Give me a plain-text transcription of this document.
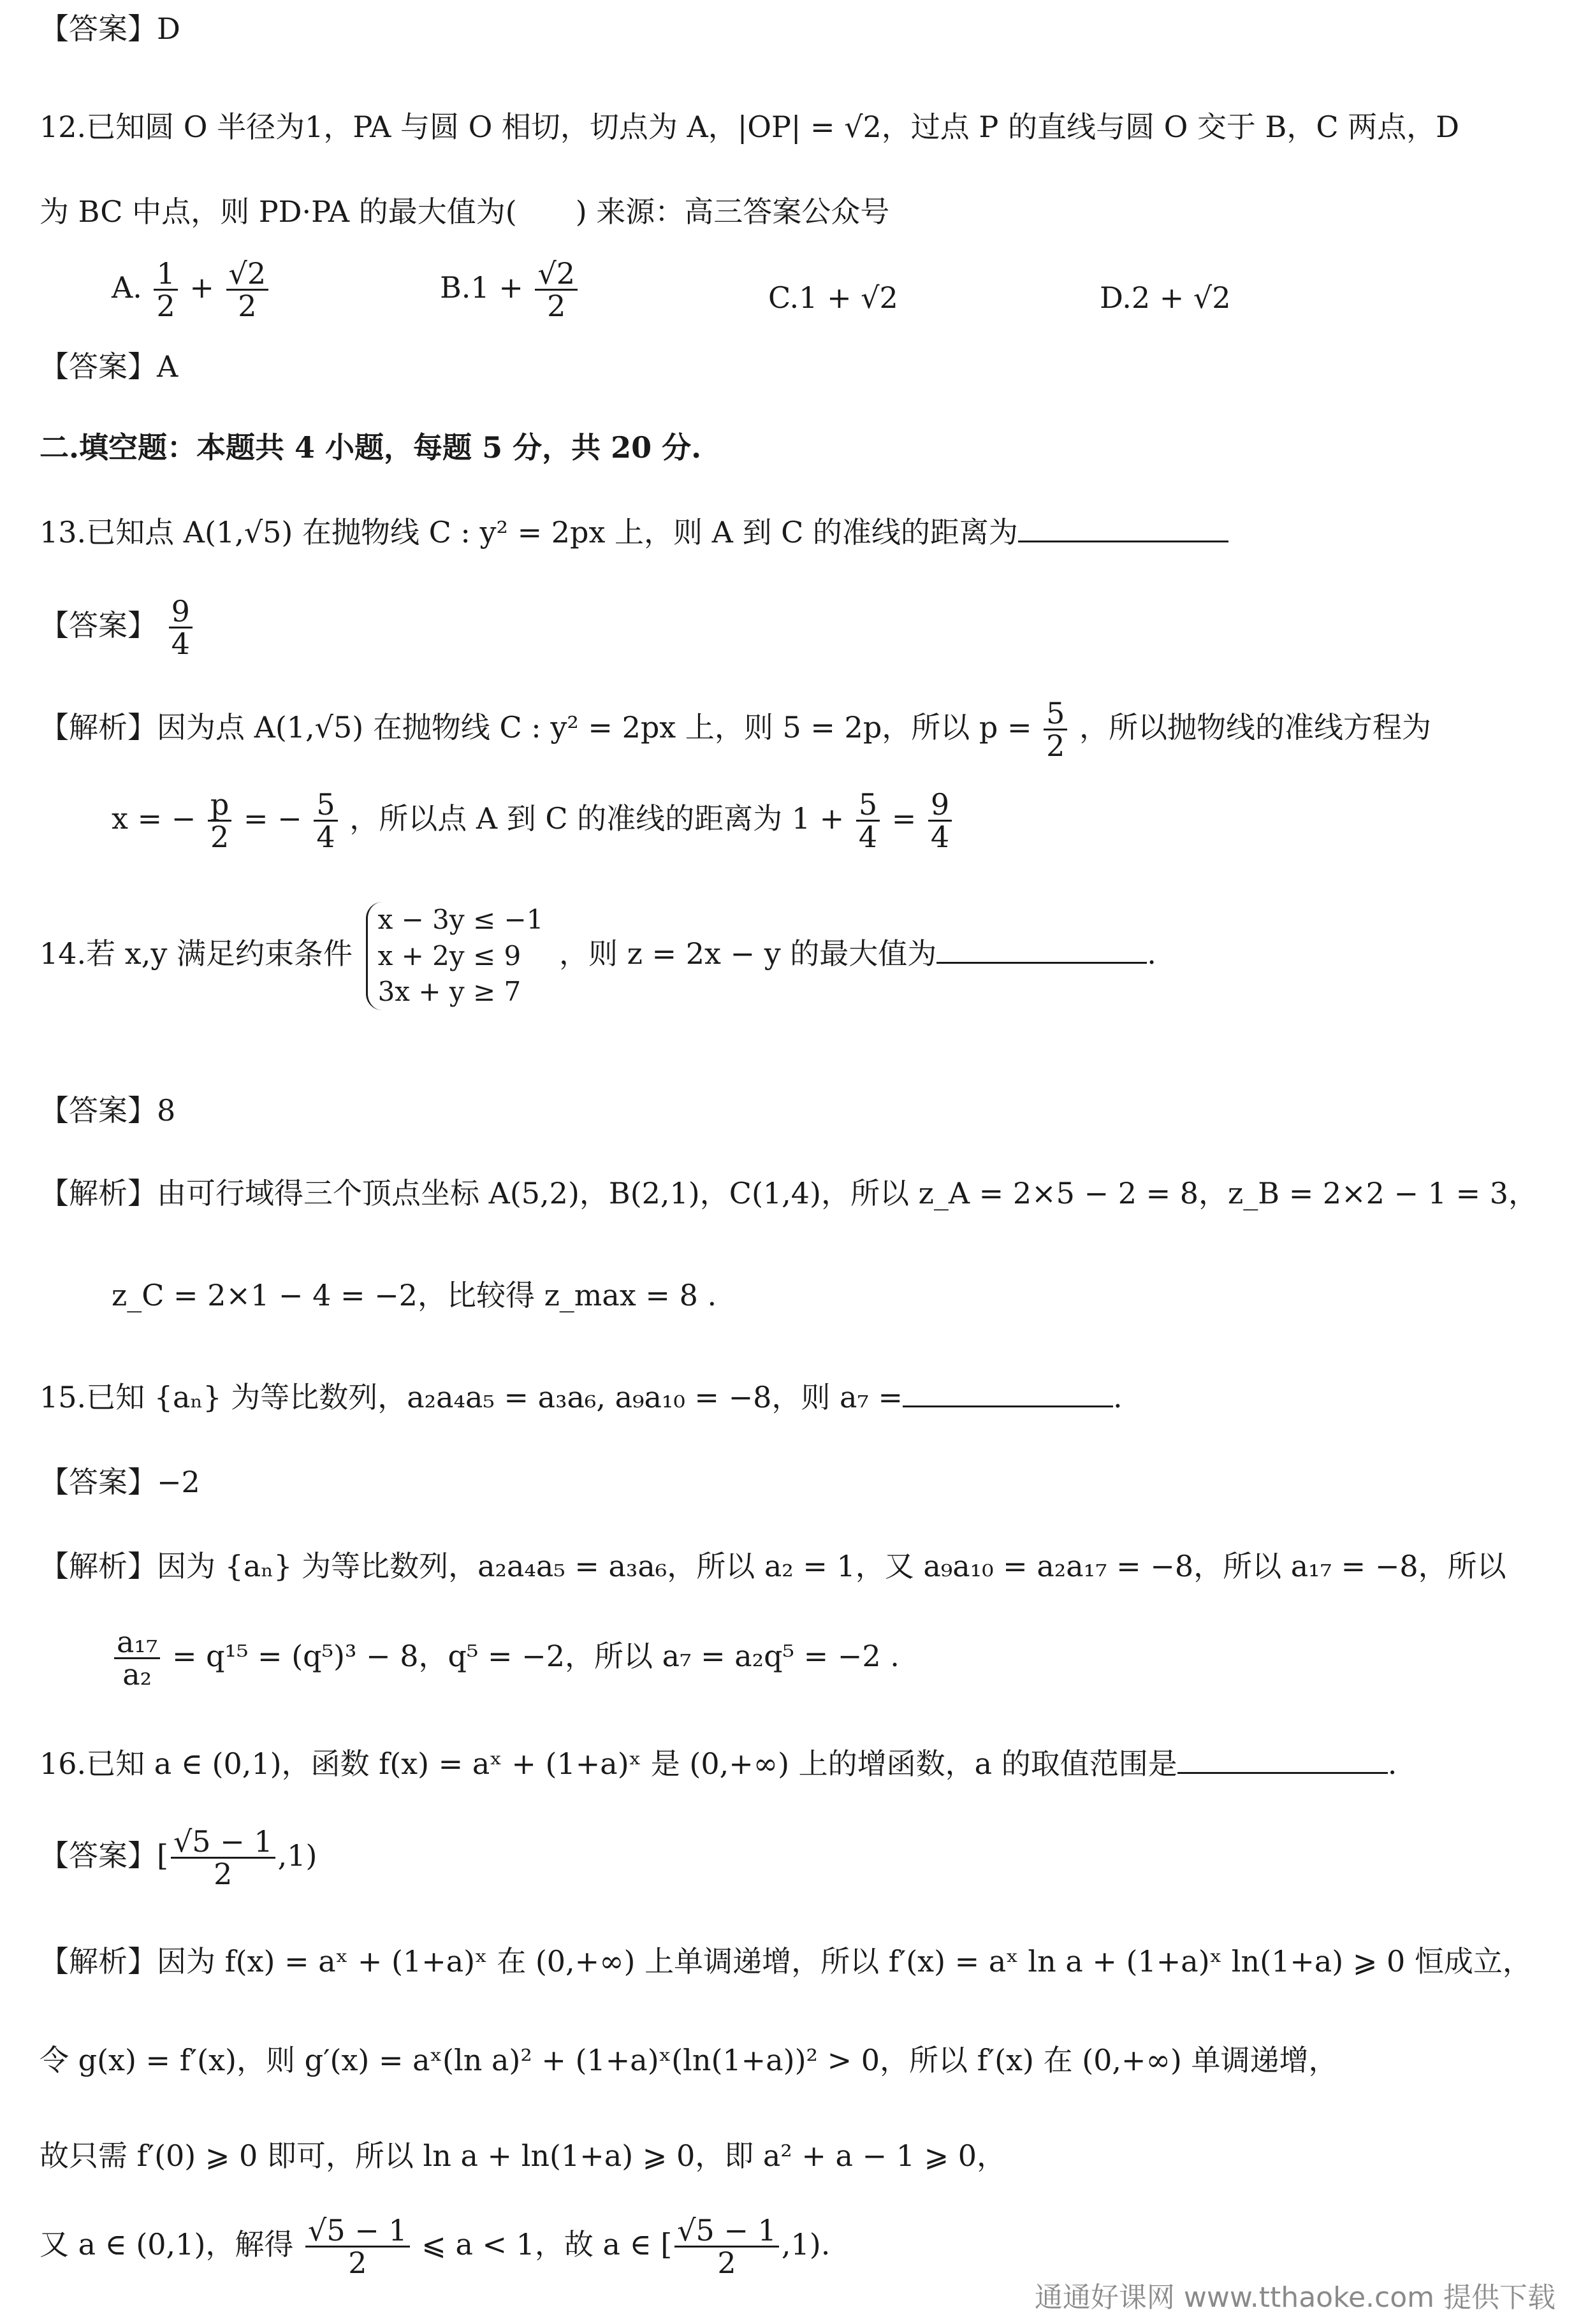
【答案】D
12.已知圆 O 半径为1，PA 与圆 O 相切，切点为 A，|OP| = √2，过点 P 的直线与圆 O 交于 B，C 两点，D
为 BC 中点，则 PD·PA 的最大值为(　　) 来源：高三答案公众号
A. $\frac{1}{2} + \frac{√2}{2}$	$B.1 + \frac{√2}{2}$	C.1 + √2	D.2 + √2
【答案】A
二.填空题：本题共 4 小题，每题 5 分，共 20 分.
13.已知点 A(1,√5) 在抛物线 C : y² = 2px 上，则 A 到 C 的准线的距离为
【答案】 $\frac{9}{4}$
【解析】因为点 A(1,√5) 在抛物线 C : y² = 2px 上，则 5 = 2p，所以 $p = \frac{5}{2}$ ，所以抛物线的准线方程为
x = − $\frac{p}{2}$ = − $\frac{5}{4}$ ，所以点 A 到 C 的准线的距离为 $1 + \frac{5}{4} = \frac{9}{4}$
14.若 x,y 满足约束条件
x − 3y ≤ −1
x + 2y ≤ 9
3x + y ≥ 7
，则 z = 2x − y 的最大值为	.
【答案】8
【解析】由可行域得三个顶点坐标 A(5,2)，B(2,1)，C(1,4)，所以 z_A = 2×5 − 2 = 8，z_B = 2×2 − 1 = 3，
z_C = 2×1 − 4 = −2，比较得 z_max = 8 .
15.已知 {aₙ} 为等比数列，a₂a₄a₅ = a₃a₆, a₉a₁₀ = −8，则 a₇ =	.
【答案】−2
【解析】因为 {aₙ} 为等比数列，a₂a₄a₅ = a₃a₆，所以 a₂ = 1，又 a₉a₁₀ = a₂a₁₇ = −8，所以 a₁₇ = −8，所以
$\frac{\text{a₁₇}}{\text{a₂}} = q^{15} = (q^5)^3 - 8$，q⁵ = −2，所以 a₇ = a₂q⁵ = −2 .
16.已知 a ∈ (0,1)，函数 f(x) = aˣ + (1+a)ˣ 是 (0,+∞) 上的增函数，a 的取值范围是	.
【答案】[ $\frac{√5 - 1}{2} ,1$)
【解析】因为 f(x) = aˣ + (1+a)ˣ 在 (0,+∞) 上单调递增，所以 f′(x) = aˣ ln a + (1+a)ˣ ln(1+a) ⩾ 0 恒成立，
令 g(x) = f′(x)，则 g′(x) = aˣ(ln a)² + (1+a)ˣ(ln(1+a))² > 0，所以 f′(x) 在 (0,+∞) 单调递增，
故只需 f′(0) ⩾ 0 即可，所以 ln a + ln(1+a) ⩾ 0，即 a² + a − 1 ⩾ 0，
又 a ∈ (0,1)，解得 $\frac{√5 - 1}{2}$ ⩽ a < 1，故 a ∈ [ $\frac{√5 - 1}{2} ,1$).
通通好课网 www.tthaoke.com 提供下载
